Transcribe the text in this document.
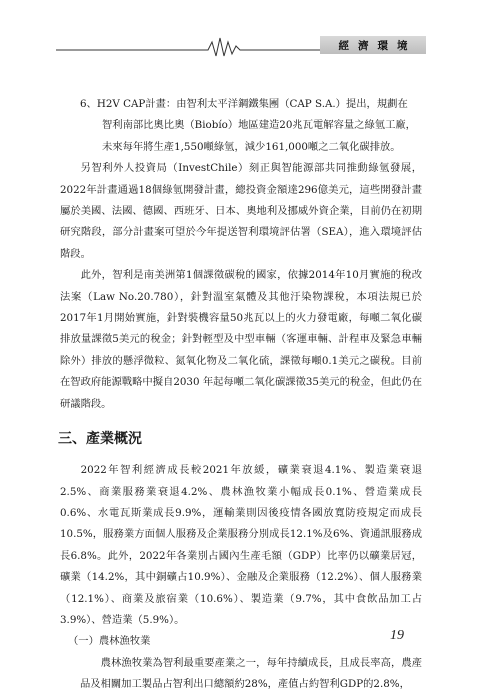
經濟環境

6、H2V CAP計畫：由智利太平洋鋼鐵集團（CAP S.A.）提出，規劃在

智利南部比奧比奧（Biobío）地區建造20兆瓦電解容量之綠氫工廠，

未來每年將生產1,550噸綠氫，減少161,000噸之二氧化碳排放。

另智利外人投資局（InvestChile）刻正與智能源部共同推動綠氫發展，2022年計畫通過18個綠氫開發計畫，總投資金額達296億美元，這些開發計畫屬於美國、法國、德國、西班牙、日本、奧地利及挪威外資企業，目前仍在初期研究階段，部分計畫案可望於今年提送智利環境評估署（SEA），進入環境評估階段。

此外，智利是南美洲第1個課徵碳稅的國家，依據2014年10月實施的稅改法案（Law No.20.780），針對溫室氣體及其他汙染物課稅，本項法規已於2017年1月開始實施，針對裝機容量50兆瓦以上的火力發電廠，每噸二氧化碳排放量課徵5美元的稅金；針對輕型及中型車輛（客運車輛、計程車及緊急車輛除外）排放的懸浮微粒、氮氧化物及二氧化硫，課徵每噸0.1美元之碳稅。目前在智政府能源戰略中擬自2030 年起每噸二氧化碳課徵35美元的稅金，但此仍在研議階段。

三、產業概況

2022年智利經濟成長較2021年放緩，礦業衰退4.1%、製造業衰退2.5%、商業服務業衰退4.2%、農林漁牧業小幅成長0.1%、營造業成長0.6%、水電瓦斯業成長9.9%，運輸業則因後疫情各國放寬防疫規定而成長10.5%，服務業方面個人服務及企業服務分別成長12.1%及6%、資通訊服務成長6.8%。此外，2022年各業別占國內生產毛額（GDP）比率仍以礦業居冠，礦業（14.2%，其中銅礦占10.9%）、金融及企業服務（12.2%）、個人服務業（12.1%）、商業及旅宿業（10.6%）、製造業（9.7%，其中食飲品加工占3.9%）、營造業（5.9%）。

（一）農林漁牧業

農林漁牧業為智利最重要產業之一，每年持續成長，且成長率高，農產品及相關加工製品占智利出口總額約28%，產值占約智利GDP的2.8%，

19
